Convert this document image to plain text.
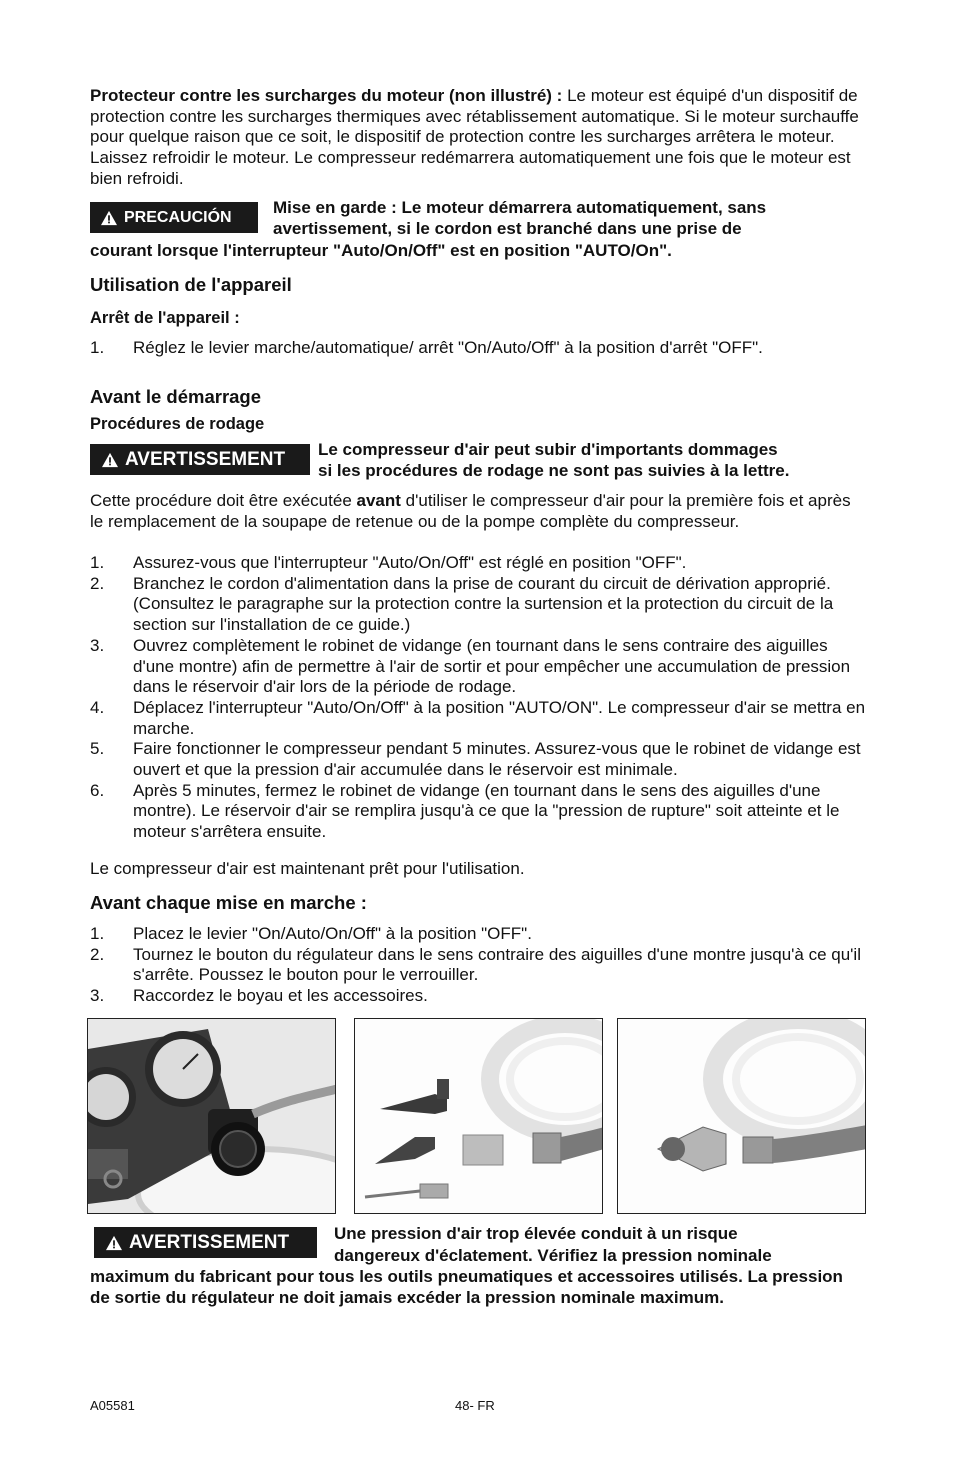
Protecteur contre les surcharges du moteur (non illustré) : Le moteur est équipé d'un dispositif de protection contre les surcharges thermiques avec rétablissement automatique. Si le moteur surchauffe pour quelque raison que ce soit, le dispositif de protection contre les surcharges arrêtera le moteur. Laissez refroidir le moteur. Le compresseur redémarrera automatiquement une fois que le moteur est bien refroidi.
PRECAUCIÓN Mise en garde : Le moteur démarrera automatiquement, sans
avertissement, si le cordon est branché dans une prise de
courant lorsque l'interrupteur "Auto/On/Off" est en position "AUTO/On".
Utilisation de l'appareil
Arrêt de l'appareil :
1. Réglez le levier marche/automatique/ arrêt "On/Auto/Off" à la position d'arrêt "OFF".
Avant le démarrage
Procédures de rodage
AVERTISSEMENT Le compresseur d'air peut subir d'importants dommages
si les procédures de rodage ne sont pas suivies à la lettre.
Cette procédure doit être exécutée avant d'utiliser le compresseur d'air pour la première fois et après le remplacement de la soupape de retenue ou de la pompe complète du compresseur.
1. Assurez-vous que l'interrupteur "Auto/On/Off" est réglé en position "OFF".
2. Branchez le cordon d'alimentation dans la prise de courant du circuit de dérivation approprié. (Consultez le paragraphe sur la protection contre la surtension et la protection du circuit de la section sur l'installation de ce guide.)
3. Ouvrez complètement le robinet de vidange (en tournant dans le sens contraire des aiguilles d'une montre) afin de permettre à l'air de sortir et pour empêcher une accumulation de pression dans le réservoir d'air lors de la période de rodage.
4. Déplacez l'interrupteur "Auto/On/Off" à la position "AUTO/ON". Le compresseur d'air se mettra en marche.
5. Faire fonctionner le compresseur pendant 5 minutes. Assurez-vous que le robinet de vidange est ouvert et que la pression d'air accumulée dans le réservoir est minimale.
6. Après 5 minutes, fermez le robinet de vidange (en tournant dans le sens des aiguilles d'une montre). Le réservoir d'air se remplira jusqu'à ce que la "pression de rupture" soit atteinte et le moteur s'arrêtera ensuite.
Le compresseur d'air est maintenant prêt pour l'utilisation.
Avant chaque mise en marche :
1. Placez le levier "On/Auto/On/Off" à la position "OFF".
2. Tournez le bouton du régulateur dans le sens contraire des aiguilles d'une montre jusqu'à ce qu'il s'arrête. Poussez le bouton pour le verrouiller.
3. Raccordez le boyau et les accessoires.
AVERTISSEMENT	Une pression d'air trop élevée conduit à un risque
dangereux d'éclatement. Vérifiez la pression nominale
maximum du fabricant pour tous les outils pneumatiques et accessoires utilisés. La pression de sortie du régulateur ne doit jamais excéder la pression nominale maximum.
A05581	48- FR
